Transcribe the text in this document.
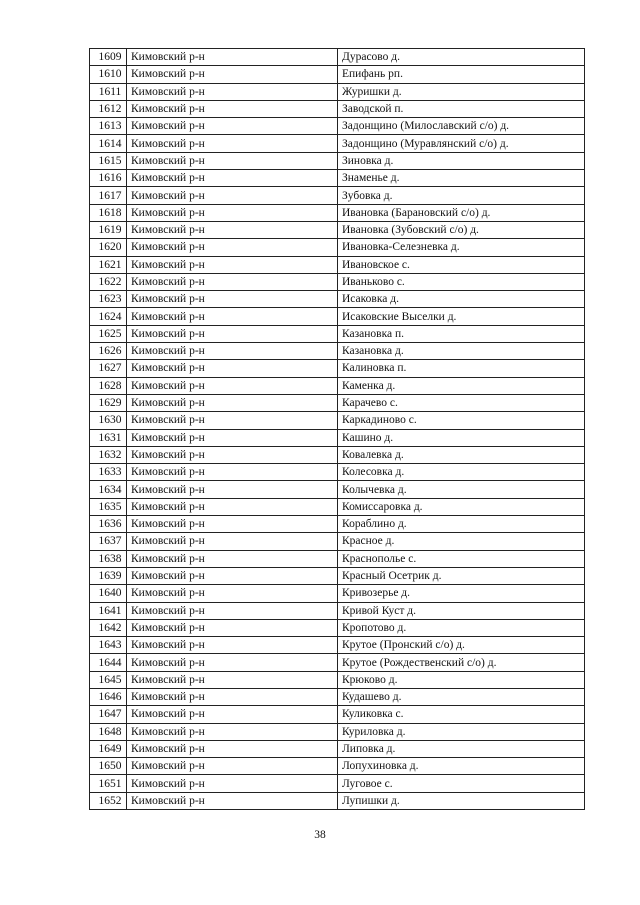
1609	Кимовский р-н	Дурасово д.
1610	Кимовский р-н	Епифань рп.
1611	Кимовский р-н	Журишки д.
1612	Кимовский р-н	Заводской п.
1613	Кимовский р-н	Задонщино (Милославский с/о) д.
1614	Кимовский р-н	Задонщино (Муравлянский с/о) д.
1615	Кимовский р-н	Зиновка д.
1616	Кимовский р-н	Знаменье д.
1617	Кимовский р-н	Зубовка д.
1618	Кимовский р-н	Ивановка (Барановский с/о) д.
1619	Кимовский р-н	Ивановка (Зубовский с/о) д.
1620	Кимовский р-н	Ивановка-Селезневка д.
1621	Кимовский р-н	Ивановское с.
1622	Кимовский р-н	Иваньково с.
1623	Кимовский р-н	Исаковка д.
1624	Кимовский р-н	Исаковские Выселки д.
1625	Кимовский р-н	Казановка п.
1626	Кимовский р-н	Казановка д.
1627	Кимовский р-н	Калиновка п.
1628	Кимовский р-н	Каменка д.
1629	Кимовский р-н	Карачево с.
1630	Кимовский р-н	Каркадиново с.
1631	Кимовский р-н	Кашино д.
1632	Кимовский р-н	Ковалевка д.
1633	Кимовский р-н	Колесовка д.
1634	Кимовский р-н	Колычевка д.
1635	Кимовский р-н	Комиссаровка д.
1636	Кимовский р-н	Кораблино д.
1637	Кимовский р-н	Красное д.
1638	Кимовский р-н	Краснополье с.
1639	Кимовский р-н	Красный Осетрик д.
1640	Кимовский р-н	Кривозерье д.
1641	Кимовский р-н	Кривой Куст д.
1642	Кимовский р-н	Кропотово д.
1643	Кимовский р-н	Крутое (Пронский с/о) д.
1644	Кимовский р-н	Крутое (Рождественский с/о) д.
1645	Кимовский р-н	Крюково д.
1646	Кимовский р-н	Кудашево д.
1647	Кимовский р-н	Куликовка с.
1648	Кимовский р-н	Куриловка д.
1649	Кимовский р-н	Липовка д.
1650	Кимовский р-н	Лопухиновка д.
1651	Кимовский р-н	Луговое с.
1652	Кимовский р-н	Лупишки д.
38
